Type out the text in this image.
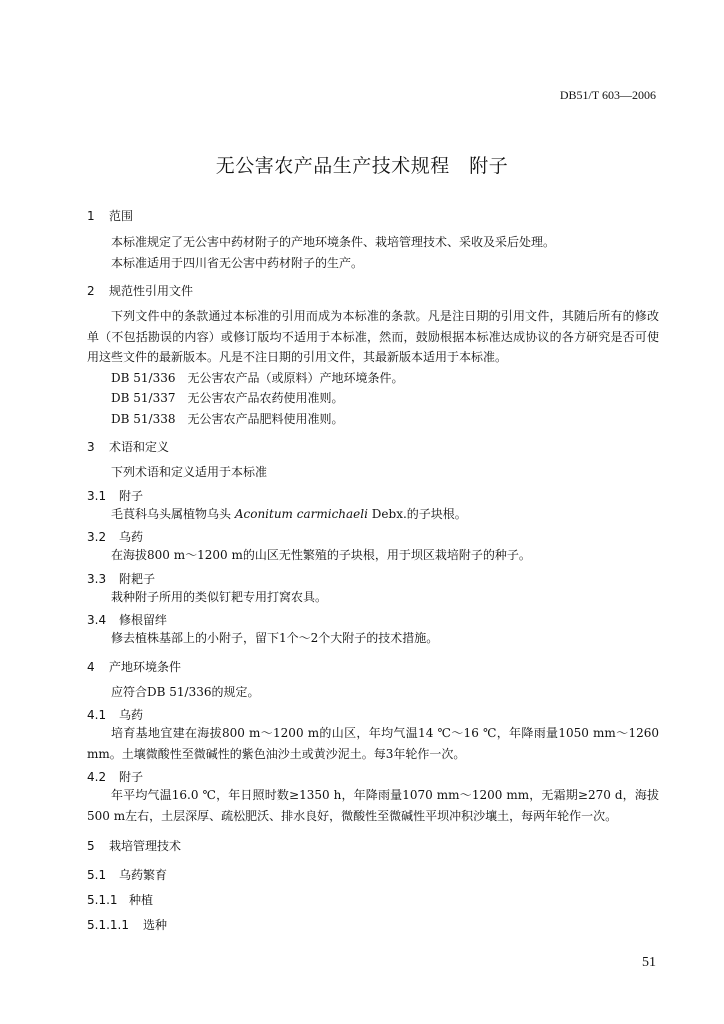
DB51/T 603—2006
无公害农产品生产技术规程　附子
1 范围

本标准规定了无公害中药材附子的产地环境条件、栽培管理技术、采收及采后处理。

本标准适用于四川省无公害中药材附子的生产。

2 规范性引用文件

下列文件中的条款通过本标准的引用而成为本标准的条款。凡是注日期的引用文件，其随后所有的修改单（不包括勘误的内容）或修订版均不适用于本标准，然而，鼓励根据本标准达成协议的各方研究是否可使用这些文件的最新版本。凡是不注日期的引用文件，其最新版本适用于本标准。

DB 51/336　无公害农产品（或原料）产地环境条件。

DB 51/337　无公害农产品农药使用准则。

DB 51/338　无公害农产品肥料使用准则。

3 术语和定义

下列术语和定义适用于本标准

3.1 附子

毛茛科乌头属植物乌头 Aconitum carmichaeli Debx.的子块根。

3.2 乌药

在海拔800 m～1200 m的山区无性繁殖的子块根，用于坝区栽培附子的种子。

3.3 附耙子

栽种附子所用的类似钉耙专用打窝农具。

3.4 修根留绊

修去植株基部上的小附子，留下1个～2个大附子的技术措施。

4 产地环境条件

应符合DB 51/336的规定。

4.1 乌药

培育基地宜建在海拔800 m～1200 m的山区，年均气温14 ℃～16 ℃，年降雨量1050 mm～1260 mm。土壤微酸性至微碱性的紫色油沙土或黄沙泥土。每3年轮作一次。

4.2 附子

年平均气温16.0 ℃，年日照时数≥1350 h，年降雨量1070 mm～1200 mm，无霜期≥270 d，海拔500 m左右，土层深厚、疏松肥沃、排水良好，微酸性至微碱性平坝冲积沙壤土，每两年轮作一次。

5 栽培管理技术
5.1 乌药繁育
5.1.1 种植
5.1.1.1 选种
51
